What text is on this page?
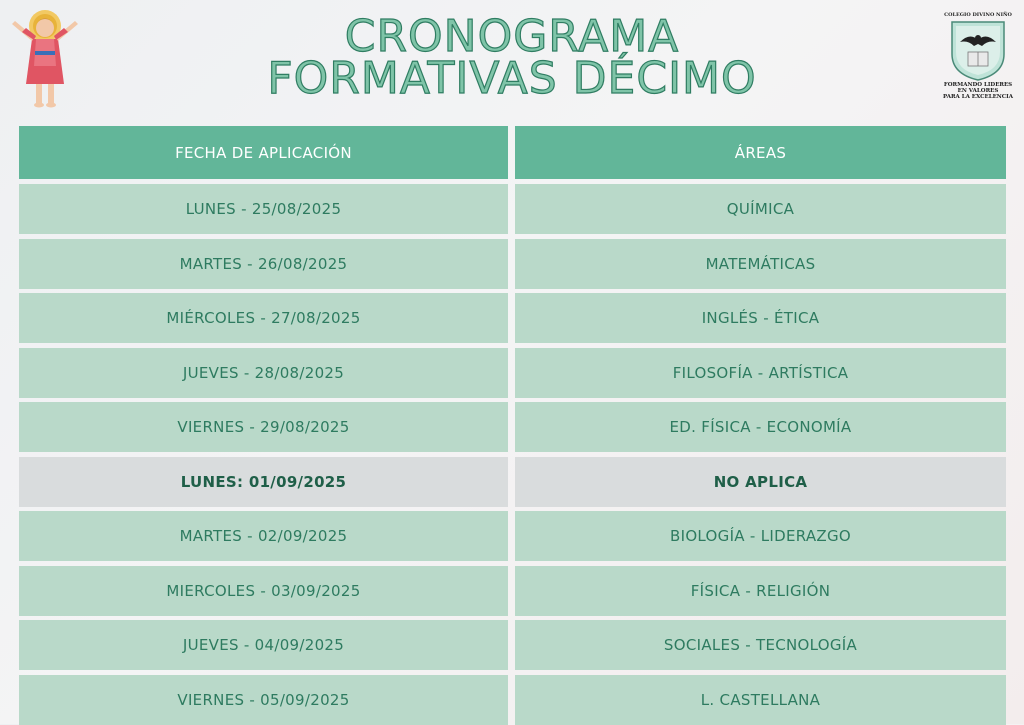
CRONOGRAMA
FORMATIVAS DÉCIMO
COLEGIO DIVINO NIÑO
FORMANDO LIDERES
EN VALORES
PARA LA EXCELENCIA
FECHA DE APLICACIÓN	ÁREAS
LUNES - 25/08/2025	QUÍMICA
MARTES - 26/08/2025	MATEMÁTICAS
MIÉRCOLES - 27/08/2025	INGLÉS - ÉTICA
JUEVES - 28/08/2025	FILOSOFÍA - ARTÍSTICA
VIERNES - 29/08/2025	ED. FÍSICA - ECONOMÍA
LUNES: 01/09/2025	NO APLICA
MARTES - 02/09/2025	BIOLOGÍA - LIDERAZGO
MIERCOLES - 03/09/2025	FÍSICA - RELIGIÓN
JUEVES - 04/09/2025	SOCIALES - TECNOLOGÍA
VIERNES - 05/09/2025	L. CASTELLANA
